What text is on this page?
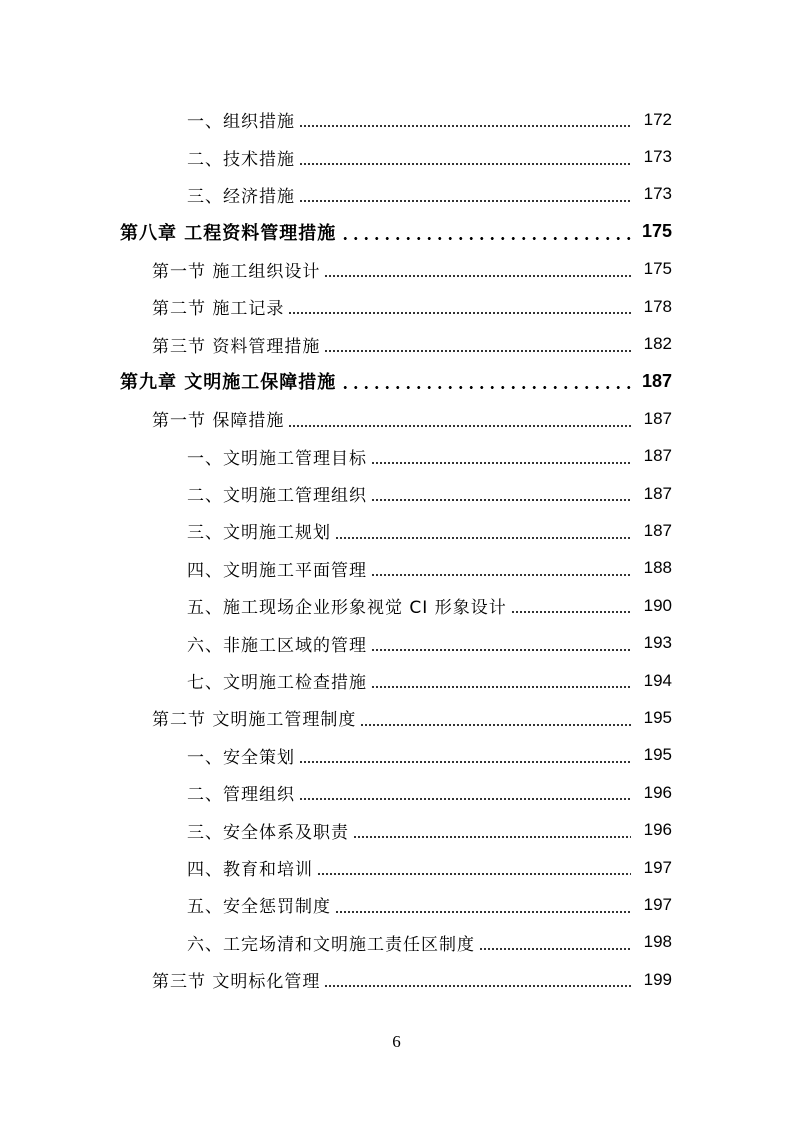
一、组织措施	172
二、技术措施	173
三、经济措施	173
第八章 工程资料管理措施	175
第一节 施工组织设计	175
第二节 施工记录	178
第三节 资料管理措施	182
第九章 文明施工保障措施	187
第一节 保障措施	187
一、文明施工管理目标	187
二、文明施工管理组织	187
三、文明施工规划	187
四、文明施工平面管理	188
五、施工现场企业形象视觉 CI 形象设计	190
六、非施工区域的管理	193
七、文明施工检查措施	194
第二节 文明施工管理制度	195
一、安全策划	195
二、管理组织	196
三、安全体系及职责	196
四、教育和培训	197
五、安全惩罚制度	197
六、工完场清和文明施工责任区制度	198
第三节 文明标化管理	199
6
